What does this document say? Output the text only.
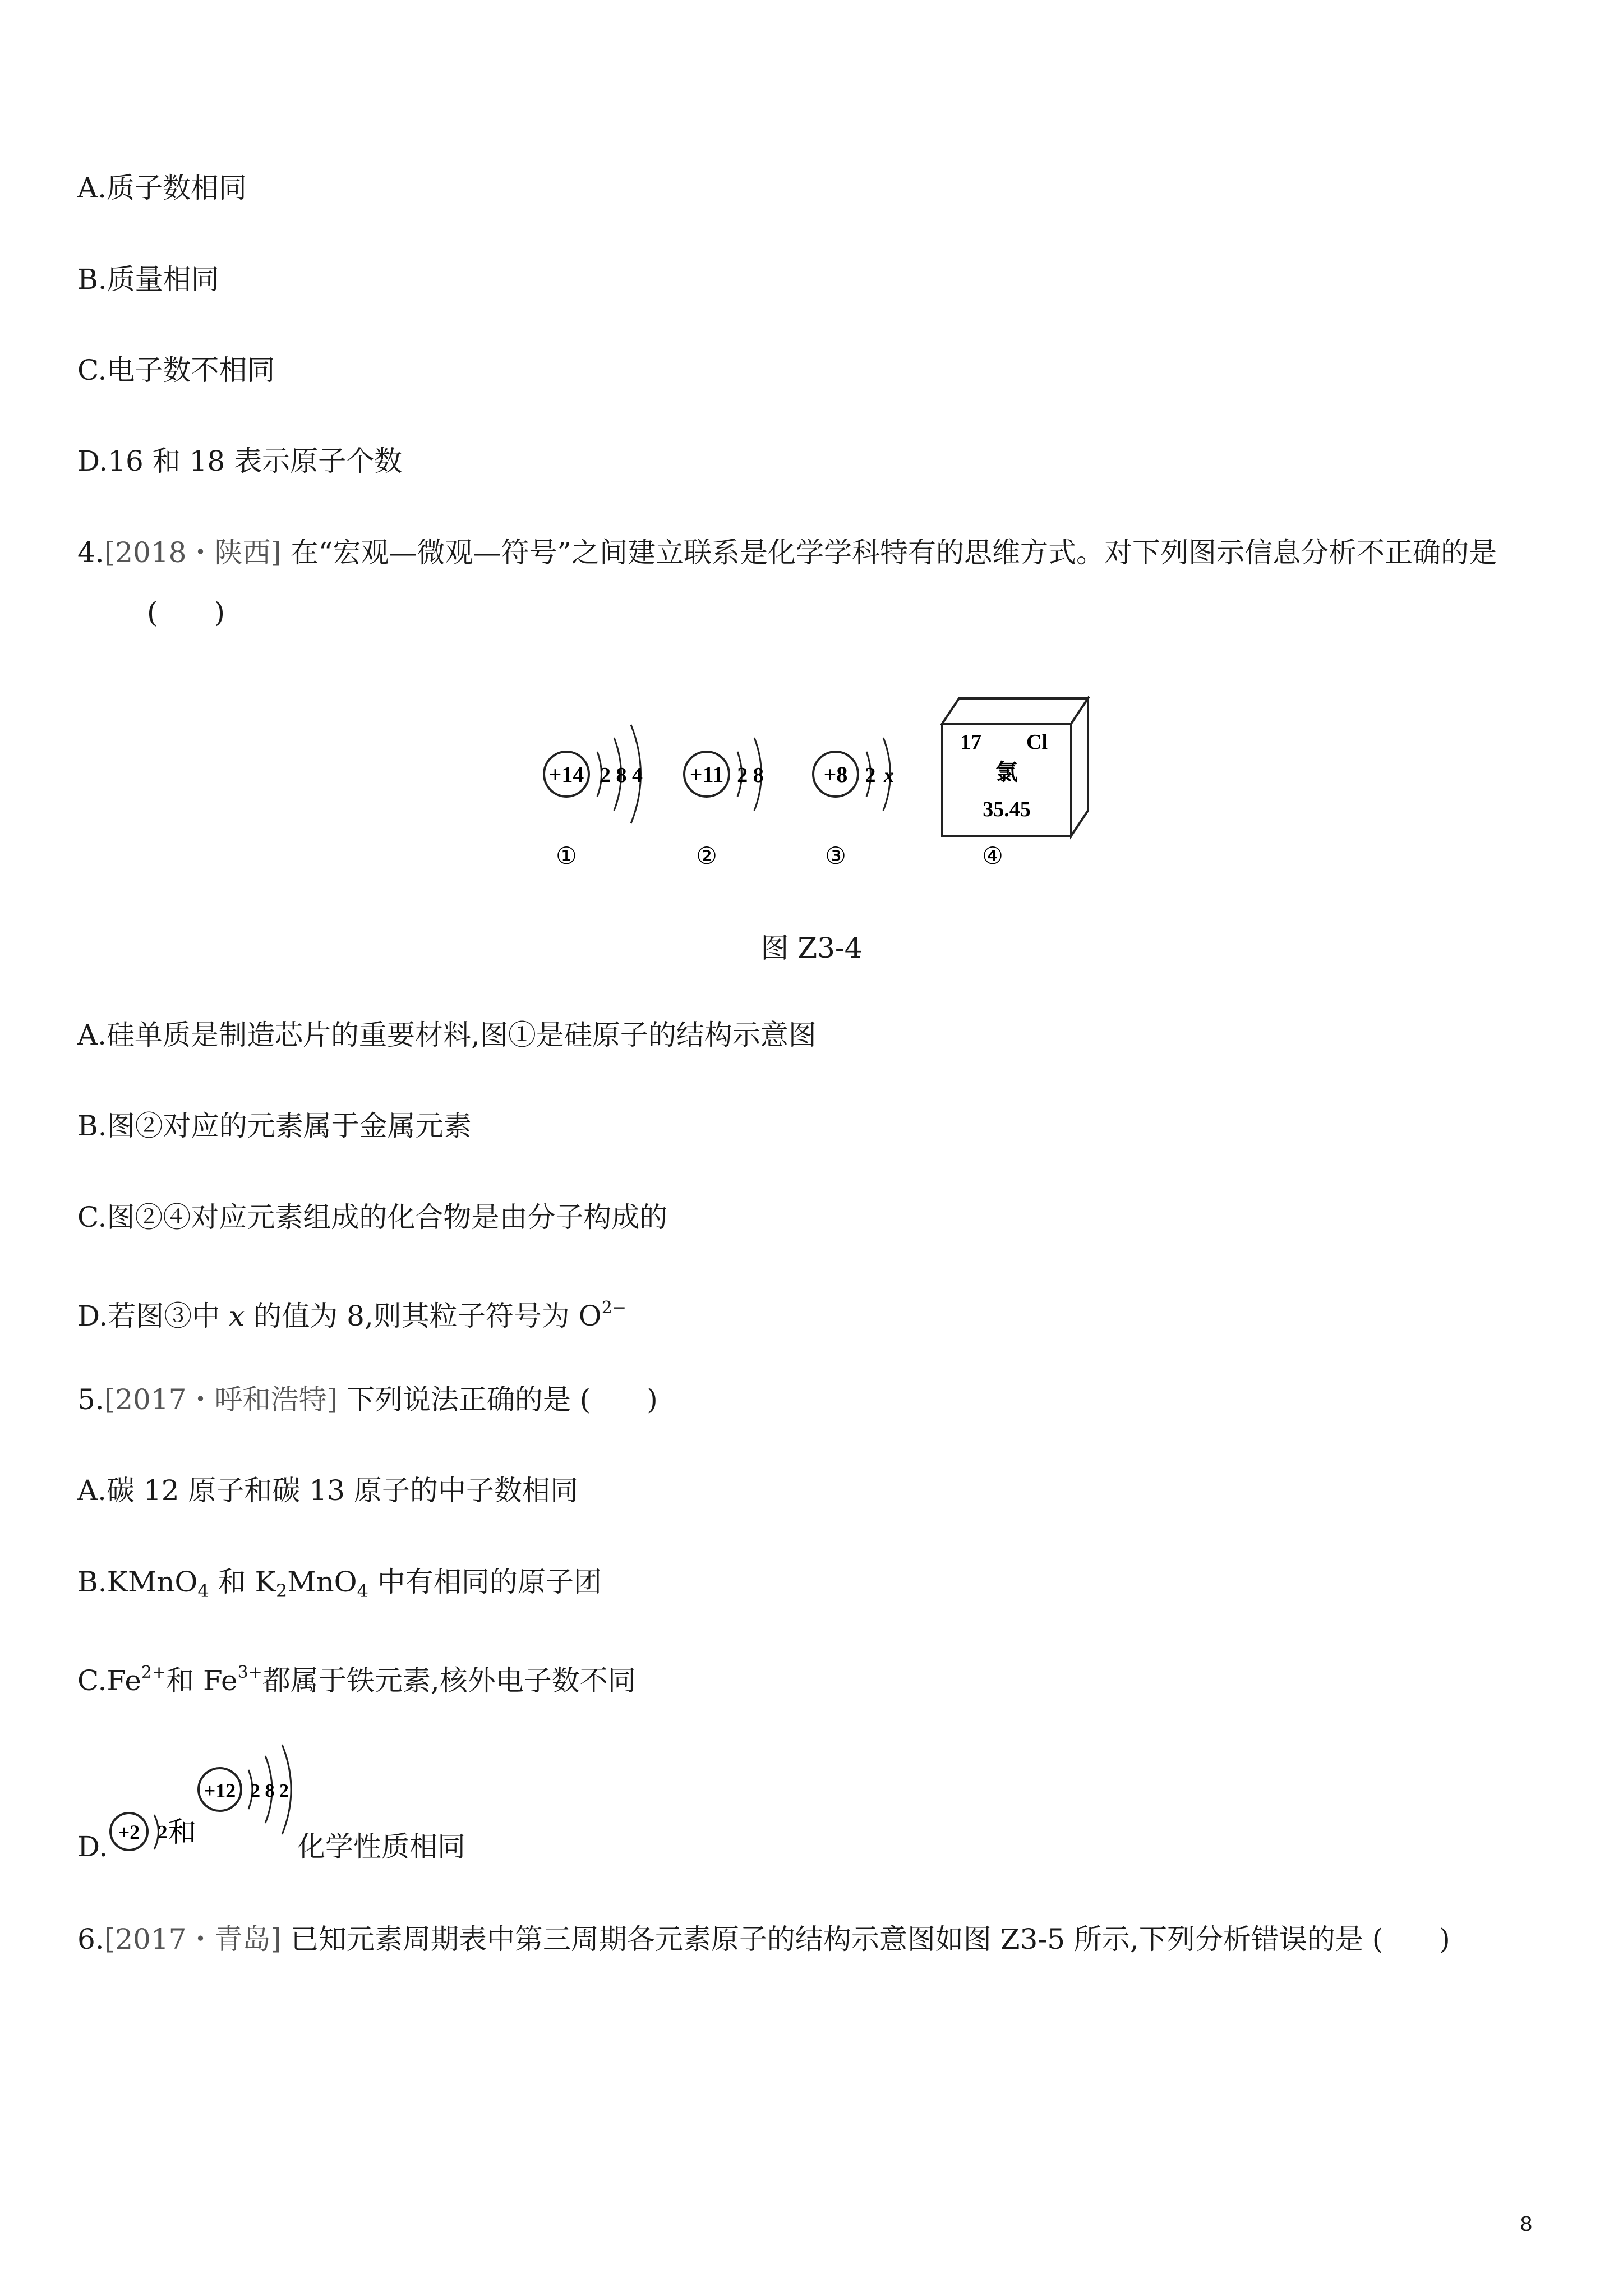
A.质子数相同
B.质量相同
C.电子数不相同
D.16 和 18 表示原子个数
4.[2018・陕西] 在“宏观—微观—符号”之间建立联系是化学学科特有的思维方式。对下列图示信息分析不正确的是
(　　)
+14 2 8 4
①
+11 2 8
②
+8 2 x
③
17 Cl
氯
35.45
④
图 Z3-4
A.硅单质是制造芯片的重要材料,图①是硅原子的结构示意图
B.图②对应的元素属于金属元素
C.图②④对应元素组成的化合物是由分子构成的
D.若图③中 x 的值为 8,则其粒子符号为 $O^{2-}$
5.[2017・呼和浩特] 下列说法正确的是 (　　)
A.碳 12 原子和碳 13 原子的中子数相同
B.KMnO$_4$ 和 $K_2MnO_4$ 中有相同的原子团
$C.Fe^{2+}$和 $Fe^{3+}$都属于铁元素,核外电子数不同
D. +2 2 和
+12 2 8 2
化学性质相同
6.[2017・青岛] 已知元素周期表中第三周期各元素原子的结构示意图如图 Z3-5 所示,下列分析错误的是 (　　)
8
